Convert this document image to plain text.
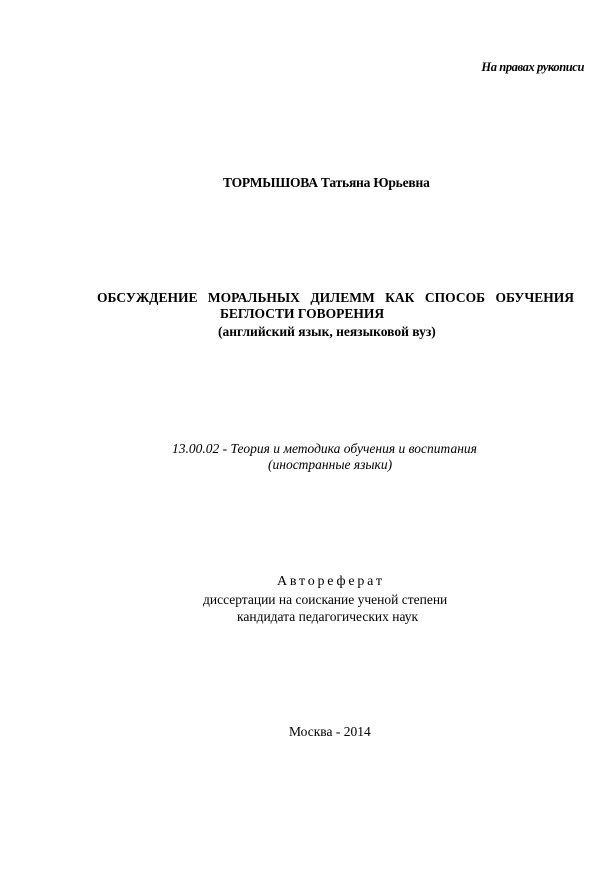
На правах рукописи
ТОРМЫШОВА Татьяна Юрьевна
ОБСУЖДЕНИЕ МОРАЛЬНЫХ ДИЛЕММ КАК СПОСОБ ОБУЧЕНИЯ
БЕГЛОСТИ ГОВОРЕНИЯ
(английский язык, неязыковой вуз)
13.00.02 - Теория и методика обучения и воспитания
(иностранные языки)
Автореферат
диссертации на соискание ученой степени
кандидата педагогических наук
Москва - 2014
